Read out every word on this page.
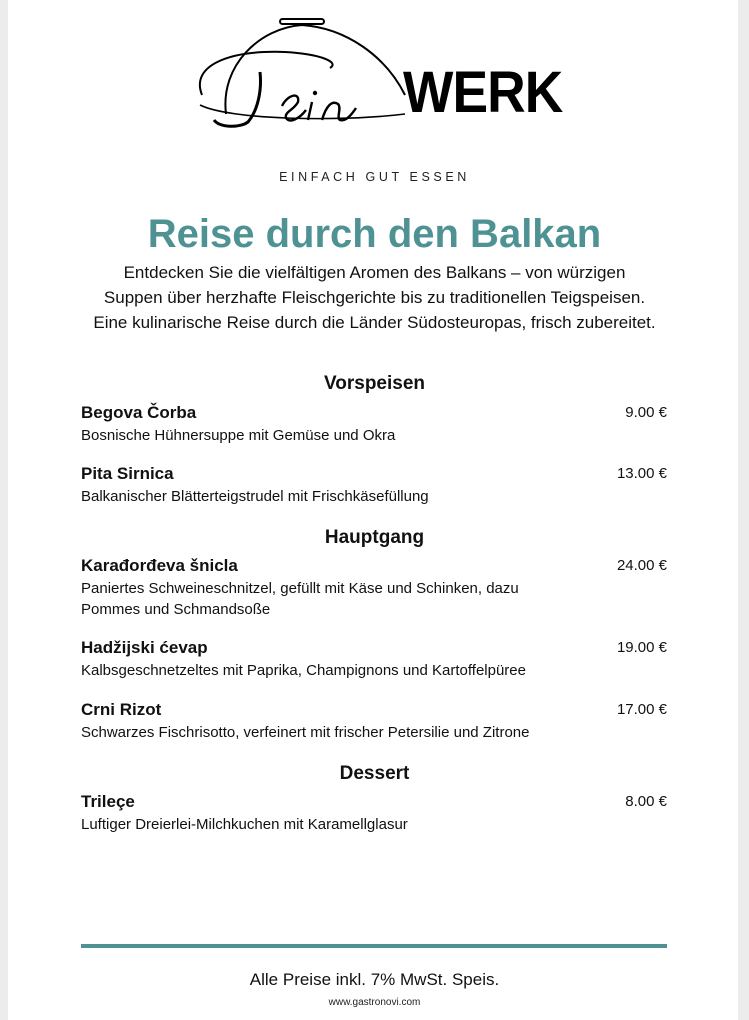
WERK
EINFACH GUT ESSEN
Reise durch den Balkan
Entdecken Sie die vielfältigen Aromen des Balkans – von würzigen
Suppen über herzhafte Fleischgerichte bis zu traditionellen Teigspeisen.
Eine kulinarische Reise durch die Länder Südosteuropas, frisch zubereitet.
Vorspeisen
Begova Čorba	9.00 €
Bosnische Hühnersuppe mit Gemüse und Okra
Pita Sirnica	13.00 €
Balkanischer Blätterteigstrudel mit Frischkäsefüllung
Hauptgang
Karađorđeva šnicla	24.00 €
Paniertes Schweineschnitzel, gefüllt mit Käse und Schinken, dazu Pommes und Schmandsoße
Hadžijski ćevap	19.00 €
Kalbsgeschnetzeltes mit Paprika, Champignons und Kartoffelpüree
Crni Rizot	17.00 €
Schwarzes Fischrisotto, verfeinert mit frischer Petersilie und Zitrone
Dessert
Trileçe	8.00 €
Luftiger Dreierlei-Milchkuchen mit Karamellglasur
Alle Preise inkl. 7% MwSt. Speis.
www.gastronovi.com
